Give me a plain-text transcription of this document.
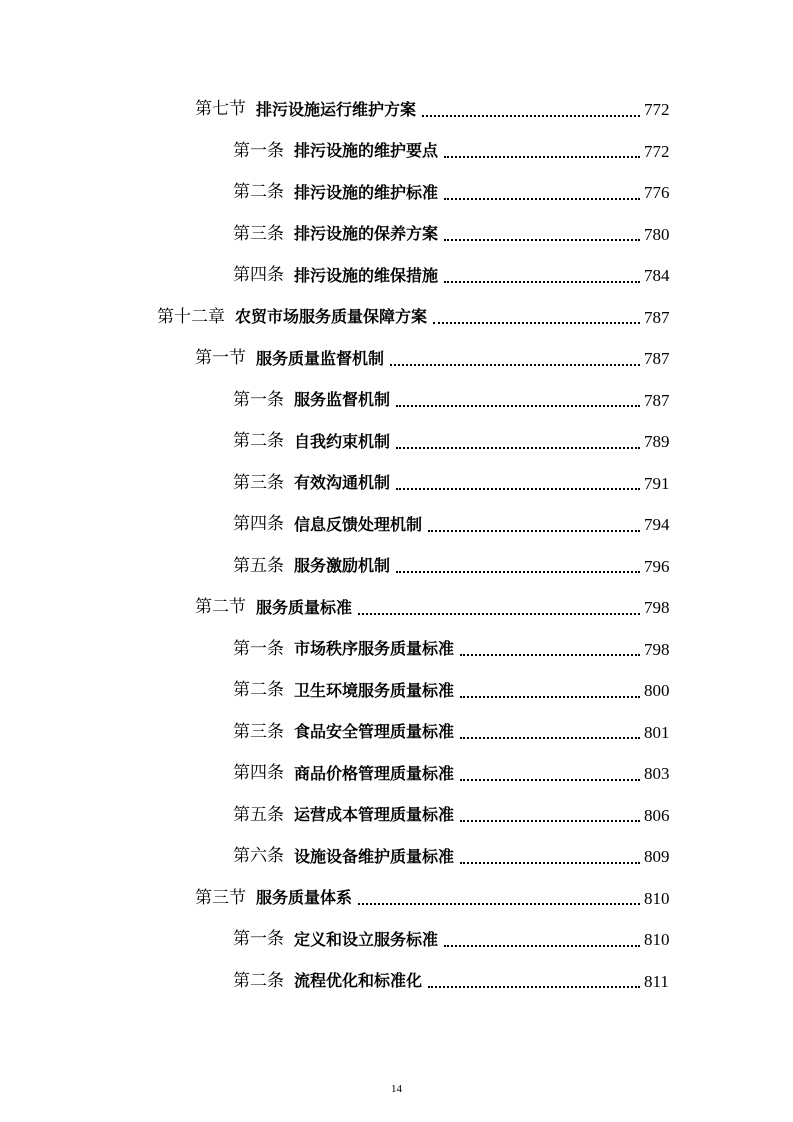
第七节 排污设施运行维护方案	772
第一条 排污设施的维护要点	772
第二条 排污设施的维护标准	776
第三条 排污设施的保养方案	780
第四条 排污设施的维保措施	784
第十二章 农贸市场服务质量保障方案	787
第一节 服务质量监督机制	787
第一条 服务监督机制	787
第二条 自我约束机制	789
第三条 有效沟通机制	791
第四条 信息反馈处理机制	794
第五条 服务激励机制	796
第二节 服务质量标准	798
第一条 市场秩序服务质量标准	798
第二条 卫生环境服务质量标准	800
第三条 食品安全管理质量标准	801
第四条 商品价格管理质量标准	803
第五条 运营成本管理质量标准	806
第六条 设施设备维护质量标准	809
第三节 服务质量体系	810
第一条 定义和设立服务标准	810
第二条 流程优化和标准化	811
14
